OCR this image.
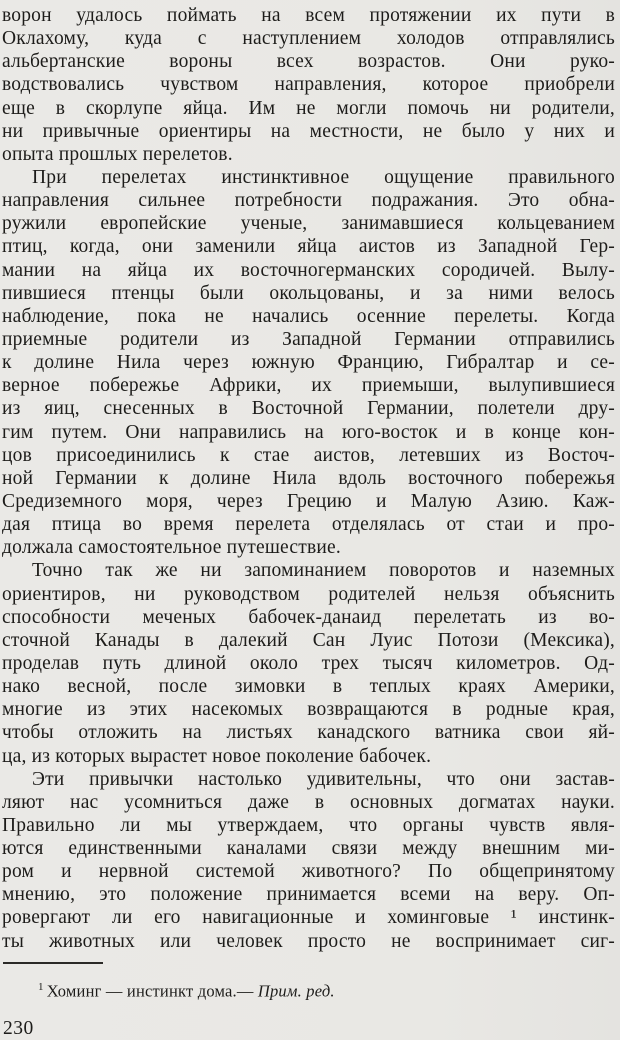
ворон удалось поймать на всем протяжении их пути в
Оклахому, куда с наступлением холодов отправлялись
альбертанские вороны всех возрастов. Они руко-
водствовались чувством направления, которое приобрели
еще в скорлупе яйца. Им не могли помочь ни родители,
ни привычные ориентиры на местности, не было у них и
опыта прошлых перелетов.
При перелетах инстинктивное ощущение правильного
направления сильнее потребности подражания. Это обна-
ружили европейские ученые, занимавшиеся кольцеванием
птиц, когда, они заменили яйца аистов из Западной Гер-
мании на яйца их восточногерманских сородичей. Вылу-
пившиеся птенцы были окольцованы, и за ними велось
наблюдение, пока не начались осенние перелеты. Когда
приемные родители из Западной Германии отправились
к долине Нила через южную Францию, Гибралтар и се-
верное побережье Африки, их приемыши, вылупившиеся
из яиц, снесенных в Восточной Германии, полетели дру-
гим путем. Они направились на юго-восток и в конце кон-
цов присоединились к стае аистов, летевших из Восточ-
ной Германии к долине Нила вдоль восточного побережья
Средиземного моря, через Грецию и Малую Азию. Каж-
дая птица во время перелета отделялась от стаи и про-
должала самостоятельное путешествие.
Точно так же ни запоминанием поворотов и наземных
ориентиров, ни руководством родителей нельзя объяснить
способности меченых бабочек-данаид перелетать из во-
сточной Канады в далекий Сан Луис Потози (Мексика),
проделав путь длиной около трех тысяч километров. Од-
нако весной, после зимовки в теплых краях Америки,
многие из этих насекомых возвращаются в родные края,
чтобы отложить на листьях канадского ватника свои яй-
ца, из которых вырастет новое поколение бабочек.
Эти привычки настолько удивительны, что они застав-
ляют нас усомниться даже в основных догматах науки.
Правильно ли мы утверждаем, что органы чувств явля-
ются единственными каналами связи между внешним ми-
ром и нервной системой животного? По общепринятому
мнению, это положение принимается всеми на веру. Оп-
ровергают ли его навигационные и хоминговые ¹ инстинк-
ты животных или человек просто не воспринимает сиг-
$^1$ Хоминг — инстинкт дома.— Прим. ред.
230
